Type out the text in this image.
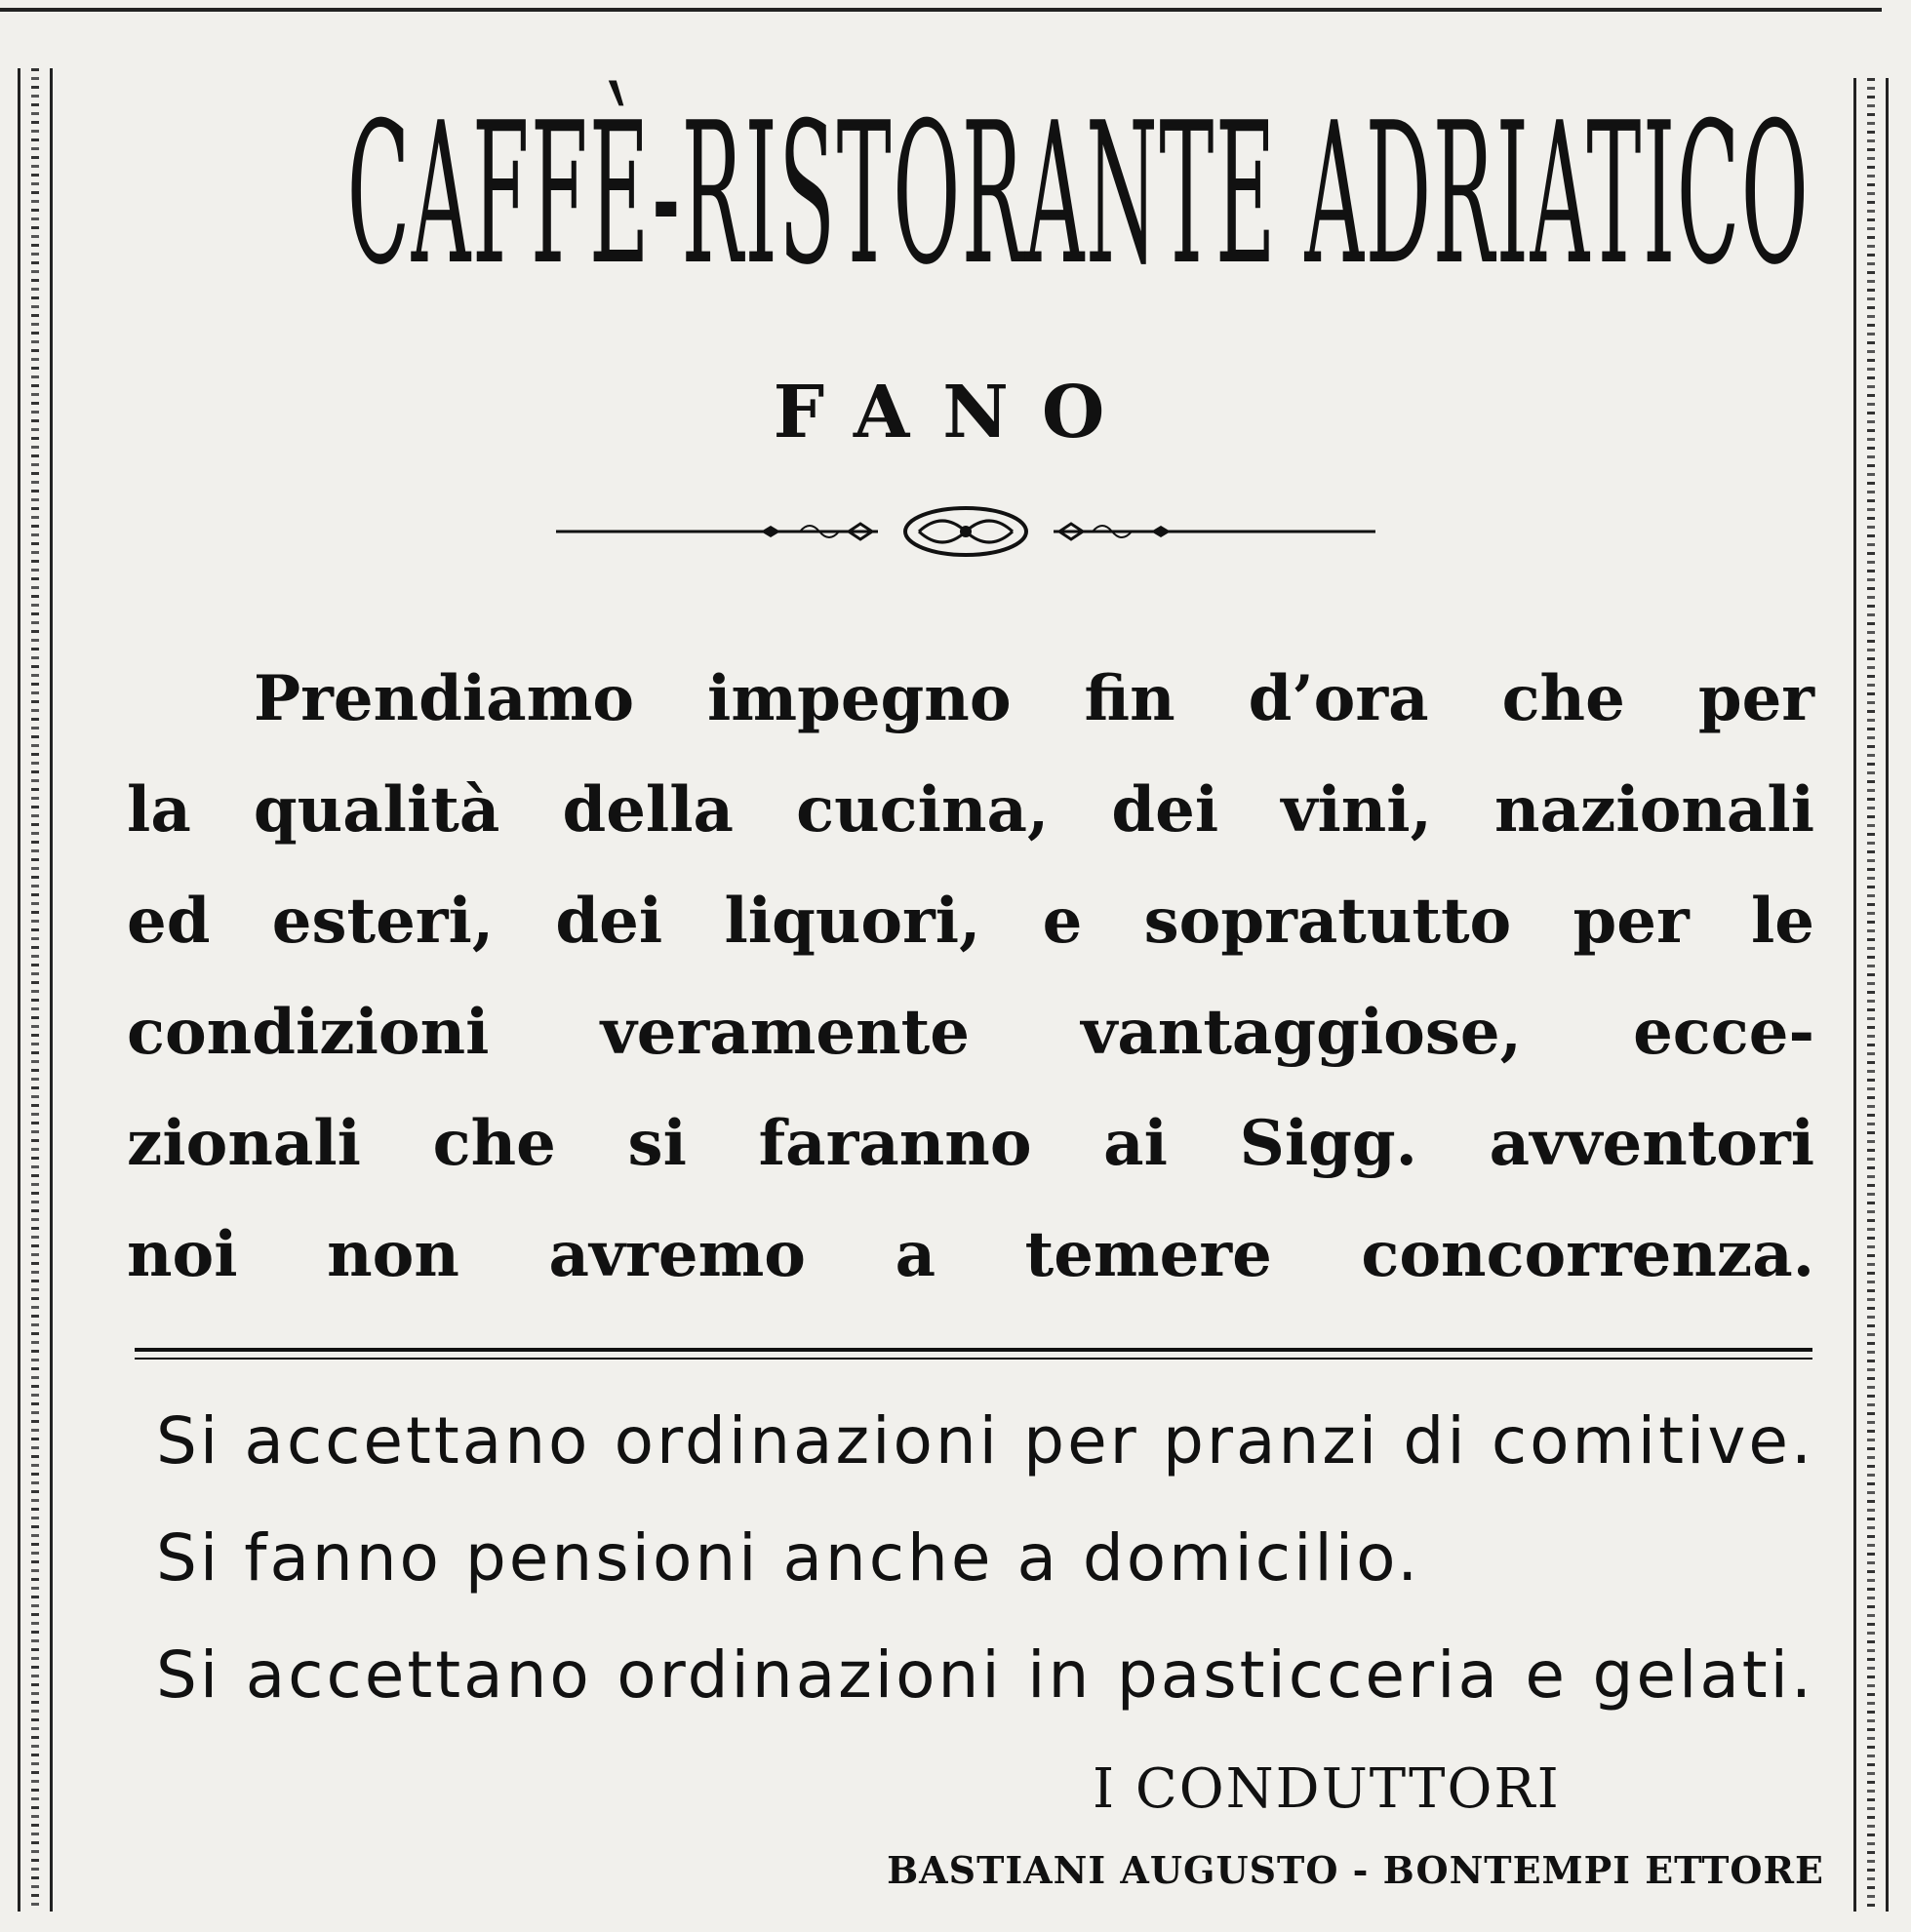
CAFFÈ-RISTORANTE ADRIATICO
FANO
Prendiamo impegno fin d’ora che per
la qualità della cucina, dei vini, nazionali
ed esteri, dei liquori, e sopratutto per le
condizioni veramente vantaggiose, ecce-
zionali che si faranno ai Sigg. avventori
noi non avremo a temere concorrenza.
Si accettano ordinazioni per pranzi di comitive.
Si fanno pensioni anche a domicilio.
Si accettano ordinazioni in pasticceria e gelati.

I CONDUTTORI

BASTIANI AUGUSTO - BONTEMPI ETTORE
